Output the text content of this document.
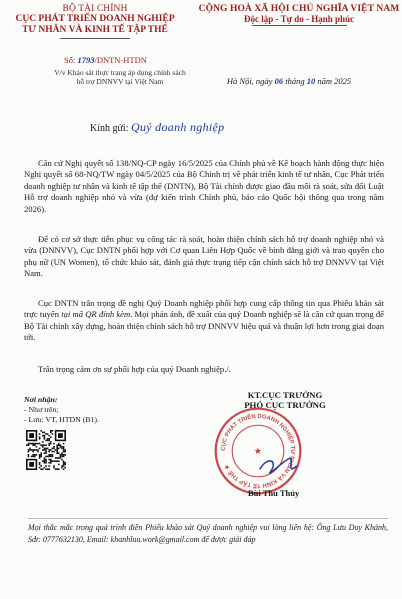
BỘ TÀI CHÍNH
CỤC PHÁT TRIỂN DOANH NGHIỆP
TƯ NHÂN VÀ KINH TẾ TẬP THỂ
CỘNG HOÀ XÃ HỘI CHỦ NGHĨA VIỆT NAM
Độc lập - Tự do - Hạnh phúc
Số: 1793/DNTN-HTDN
V/v Khảo sát thực trạng áp dụng chính sách
hỗ trợ DNNVV tại Việt Nam	Hà Nội, ngày 06 tháng 10 năm 2025
Kính gửi: Quý doanh nghiệp
Căn cứ Nghị quyết số 138/NQ-CP ngày 16/5/2025 của Chính phủ về Kế hoạch hành động thực hiện Nghị quyết số 68-NQ/TW ngày 04/5/2025 của Bộ Chính trị về phát triển kinh tế tư nhân, Cục Phát triển doanh nghiệp tư nhân và kinh tế tập thể (DNTN), Bộ Tài chính được giao đầu mối rà soát, sửa đổi Luật Hỗ trợ doanh nghiệp nhỏ và vừa (dự kiến trình Chính phủ, báo cáo Quốc hội thông qua trong năm 2026).
Để có cơ sở thực tiễn phục vụ công tác rà soát, hoàn thiện chính sách hỗ trợ doanh nghiệp nhỏ và vừa (DNNVV), Cục DNTN phối hợp với Cơ quan Liên Hợp Quốc về bình đẳng giới và trao quyền cho phụ nữ (UN Women), tổ chức khảo sát, đánh giá thực trạng tiếp cận chính sách hỗ trợ DNNVV tại Việt Nam.
Cục DNTN trân trọng đề nghị Quý Doanh nghiệp phối hợp cung cấp thông tin qua Phiếu khảo sát trực tuyến tại mã QR đính kèm. Mọi phản ánh, đề xuất của quý Doanh nghiệp sẽ là căn cứ quan trọng để Bộ Tài chính xây dựng, hoàn thiện chính sách hỗ trợ DNNVV hiệu quả và thuận lợi hơn trong giai đoạn tới.
Trân trọng cảm ơn sự phối hợp của quý Doanh nghiệp./.
Nơi nhận:
- Như trên;
- Lưu: VT, HTDN (B1).
KT.CỤC TRƯỞNG
PHÓ CỤC TRƯỞNG
CỤC PHÁT TRIỂN DOANH NGHIỆP TƯ NHÂN VÀ KINH TẾ TẬP THỂ ★
★
Bùi Thu Thủy
Mọi thắc mắc trong quá trình điền Phiếu khảo sát Quý doanh nghiệp vui lòng liên hệ: Ông Lưu Duy Khánh, Sđt: 0777632130, Email: khanhluu.work@gmail.com để được giải đáp
